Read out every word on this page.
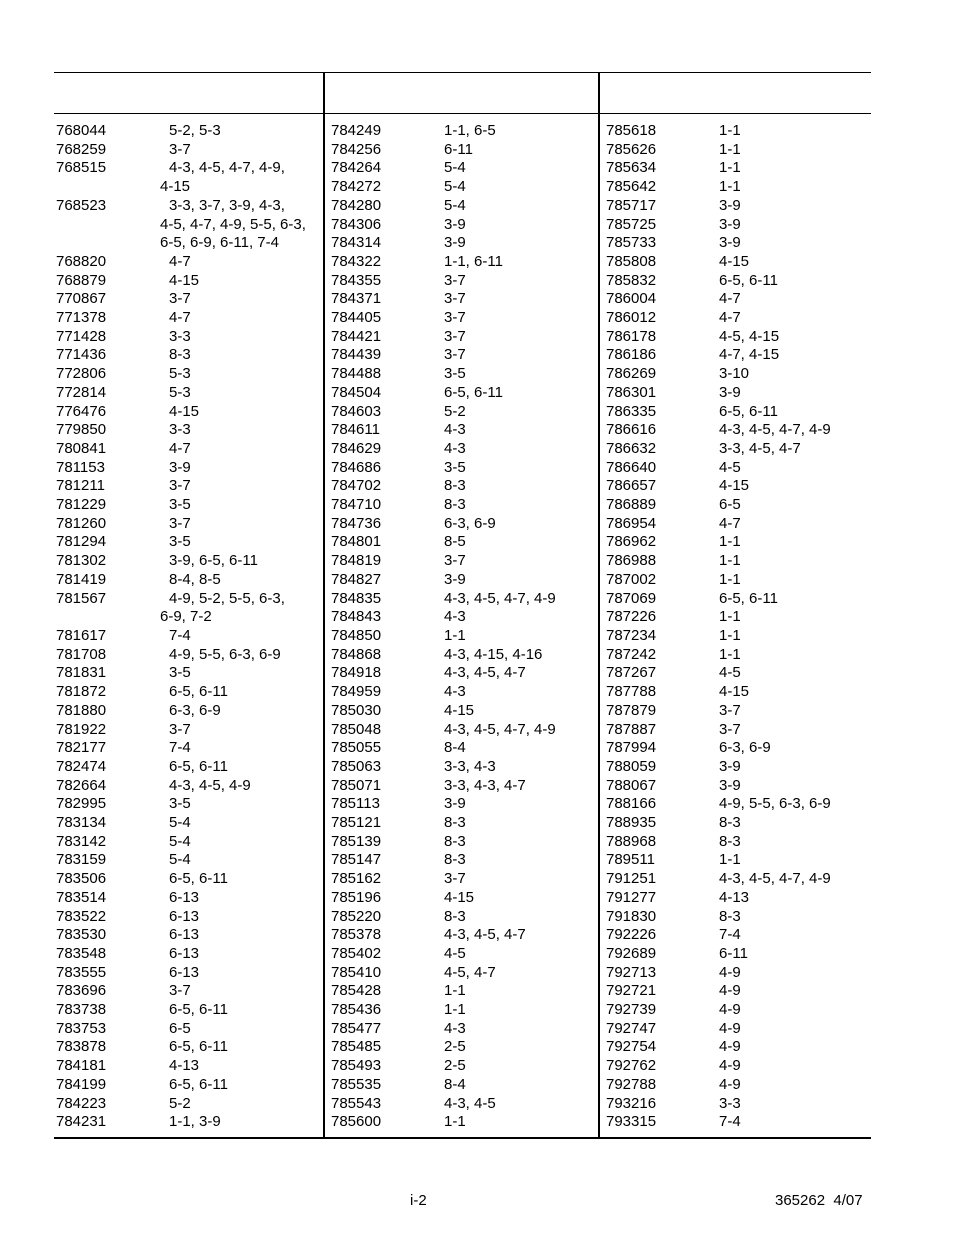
768044	5-2, 5-3
768259	3-7
768515	4-3, 4-5, 4-7, 4-9,
4-15
768523	3-3, 3-7, 3-9, 4-3,
4-5, 4-7, 4-9, 5-5, 6-3,
6-5, 6-9, 6-11, 7-4
768820	4-7
768879	4-15
770867	3-7
771378	4-7
771428	3-3
771436	8-3
772806	5-3
772814	5-3
776476	4-15
779850	3-3
780841	4-7
781153	3-9
781211	3-7
781229	3-5
781260	3-7
781294	3-5
781302	3-9, 6-5, 6-11
781419	8-4, 8-5
781567	4-9, 5-2, 5-5, 6-3,
6-9, 7-2
781617	7-4
781708	4-9, 5-5, 6-3, 6-9
781831	3-5
781872	6-5, 6-11
781880	6-3, 6-9
781922	3-7
782177	7-4
782474	6-5, 6-11
782664	4-3, 4-5, 4-9
782995	3-5
783134	5-4
783142	5-4
783159	5-4
783506	6-5, 6-11
783514	6-13
783522	6-13
783530	6-13
783548	6-13
783555	6-13
783696	3-7
783738	6-5, 6-11
783753	6-5
783878	6-5, 6-11
784181	4-13
784199	6-5, 6-11
784223	5-2
784231	1-1, 3-9
784249	1-1, 6-5
784256	6-11
784264	5-4
784272	5-4
784280	5-4
784306	3-9
784314	3-9
784322	1-1, 6-11
784355	3-7
784371	3-7
784405	3-7
784421	3-7
784439	3-7
784488	3-5
784504	6-5, 6-11
784603	5-2
784611	4-3
784629	4-3
784686	3-5
784702	8-3
784710	8-3
784736	6-3, 6-9
784801	8-5
784819	3-7
784827	3-9
784835	4-3, 4-5, 4-7, 4-9
784843	4-3
784850	1-1
784868	4-3, 4-15, 4-16
784918	4-3, 4-5, 4-7
784959	4-3
785030	4-15
785048	4-3, 4-5, 4-7, 4-9
785055	8-4
785063	3-3, 4-3
785071	3-3, 4-3, 4-7
785113	3-9
785121	8-3
785139	8-3
785147	8-3
785162	3-7
785196	4-15
785220	8-3
785378	4-3, 4-5, 4-7
785402	4-5
785410	4-5, 4-7
785428	1-1
785436	1-1
785477	4-3
785485	2-5
785493	2-5
785535	8-4
785543	4-3, 4-5
785600	1-1
785618	1-1
785626	1-1
785634	1-1
785642	1-1
785717	3-9
785725	3-9
785733	3-9
785808	4-15
785832	6-5, 6-11
786004	4-7
786012	4-7
786178	4-5, 4-15
786186	4-7, 4-15
786269	3-10
786301	3-9
786335	6-5, 6-11
786616	4-3, 4-5, 4-7, 4-9
786632	3-3, 4-5, 4-7
786640	4-5
786657	4-15
786889	6-5
786954	4-7
786962	1-1
786988	1-1
787002	1-1
787069	6-5, 6-11
787226	1-1
787234	1-1
787242	1-1
787267	4-5
787788	4-15
787879	3-7
787887	3-7
787994	6-3, 6-9
788059	3-9
788067	3-9
788166	4-9, 5-5, 6-3, 6-9
788935	8-3
788968	8-3
789511	1-1
791251	4-3, 4-5, 4-7, 4-9
791277	4-13
791830	8-3
792226	7-4
792689	6-11
792713	4-9
792721	4-9
792739	4-9
792747	4-9
792754	4-9
792762	4-9
792788	4-9
793216	3-3
793315	7-4
i-2	365262  4/07
